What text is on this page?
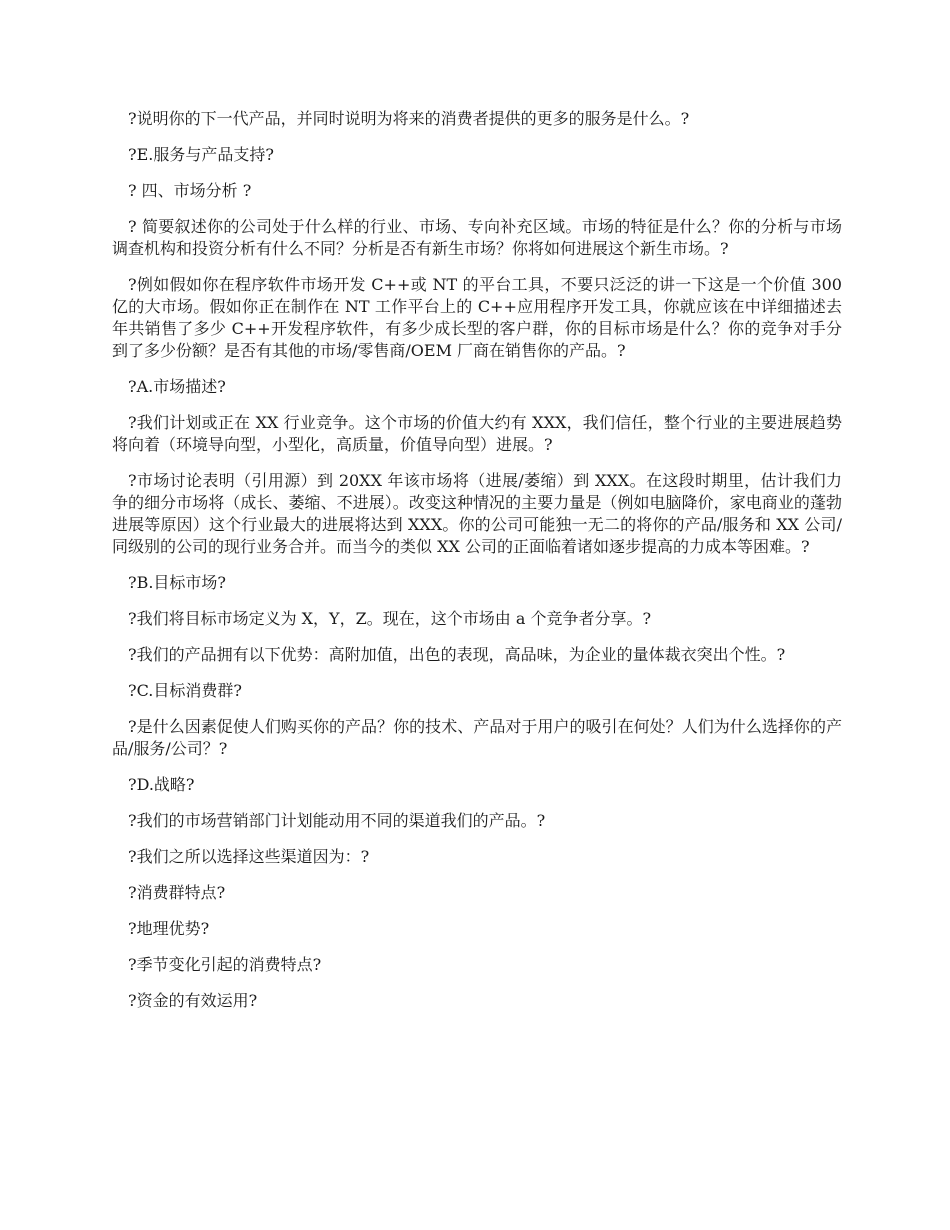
?说明你的下一代产品，并同时说明为将来的消费者提供的更多的服务是什么。?

?E.服务与产品支持?

? 四、市场分析 ?

? 简要叙述你的公司处于什么样的行业、市场、专向补充区域。市场的特征是什么？你的分析与市场调查机构和投资分析有什么不同？分析是否有新生市场？你将如何进展这个新生市场。?

?例如假如你在程序软件市场开发 C++或 NT 的平台工具，不要只泛泛的讲一下这是一个价值 300 亿的大市场。假如你正在制作在 NT 工作平台上的 C++应用程序开发工具，你就应该在中详细描述去年共销售了多少 C++开发程序软件，有多少成长型的客户群，你的目标市场是什么？你的竞争对手分到了多少份额？是否有其他的市场/零售商/OEM 厂商在销售你的产品。?

?A.市场描述?

?我们计划或正在 XX 行业竞争。这个市场的价值大约有 XXX，我们信任，整个行业的主要进展趋势将向着（环境导向型，小型化，高质量，价值导向型）进展。?

?市场讨论表明（引用源）到 20XX 年该市场将（进展/萎缩）到 XXX。在这段时期里，估计我们力争的细分市场将（成长、萎缩、不进展）。改变这种情况的主要力量是（例如电脑降价，家电商业的蓬勃进展等原因）这个行业最大的进展将达到 XXX。你的公司可能独一无二的将你的产品/服务和 XX 公司/同级别的公司的现行业务合并。而当今的类似 XX 公司的正面临着诸如逐步提高的力成本等困难。?

?B.目标市场?

?我们将目标市场定义为 X，Y，Z。现在，这个市场由 a 个竞争者分享。?

?我们的产品拥有以下优势：高附加值，出色的表现，高品味，为企业的量体裁衣突出个性。?

?C.目标消费群?

?是什么因素促使人们购买你的产品？你的技术、产品对于用户的吸引在何处？人们为什么选择你的产品/服务/公司？?

?D.战略?

?我们的市场营销部门计划能动用不同的渠道我们的产品。?

?我们之所以选择这些渠道因为：?

?消费群特点?

?地理优势?

?季节变化引起的消费特点?

?资金的有效运用?
